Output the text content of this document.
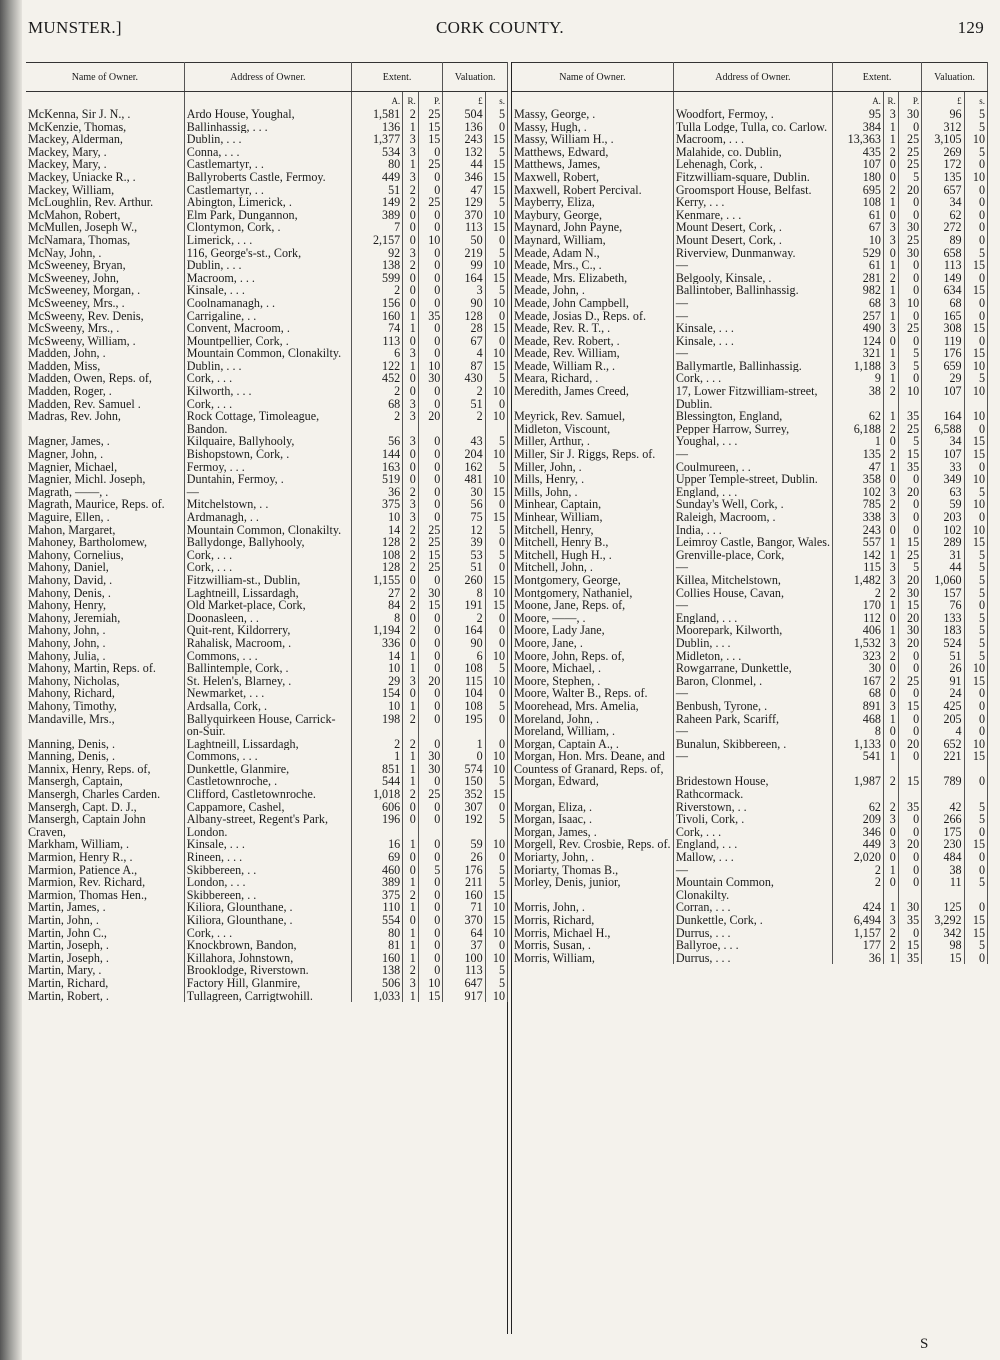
MUNSTER.]	CORK COUNTY.	129
Name of Owner.	Address of Owner.	Extent.			Valuation.	
		A.	R.	P.	£	s.
McKenna, Sir J. N., .	Ardo House, Youghal,	1,581	2	25	504	5
McKenzie, Thomas,	Ballinhassig, . . .	136	1	15	136	0
Mackey, Alderman,	Dublin, . . .	1,377	3	15	243	15
Mackey, Mary, .	Conna, . . .	534	3	0	132	5
Mackey, Mary, .	Castlemartyr, . .	80	1	25	44	15
Mackey, Uniacke R., .	Ballyroberts Castle, Fermoy.	449	3	0	346	15
Mackey, William,	Castlemartyr, . .	51	2	0	47	15
McLoughlin, Rev. Arthur.	Abington, Limerick, .	149	2	25	129	5
McMahon, Robert,	Elm Park, Dungannon,	389	0	0	370	10
McMullen, Joseph W.,	Clontymon, Cork, .	7	0	0	113	15
McNamara, Thomas,	Limerick, . . .	2,157	0	10	50	0
McNay, John, .	116, George's-st., Cork,	92	3	0	219	5
McSweeney, Bryan,	Dublin, . . .	138	2	0	99	10
McSweeney, John,	Macroom, . . .	599	0	0	164	15
McSweeney, Morgan, .	Kinsale, . . .	2	0	0	3	5
McSweeney, Mrs., .	Coolnamanagh, . .	156	0	0	90	10
McSweeny, Rev. Denis,	Carrigaline, . .	160	1	35	128	0
McSweeny, Mrs., .	Convent, Macroom, .	74	1	0	28	15
McSweeny, William, .	Mountpellier, Cork, .	113	0	0	67	0
Madden, John, .	Mountain Common, Clonakilty.	6	3	0	4	10
Madden, Miss,	Dublin, . . .	122	1	10	87	15
Madden, Owen, Reps. of,	Cork, . . .	452	0	30	430	5
Madden, Roger, .	Kilworth, . . .	2	0	0	2	10
Madden, Rev. Samuel .	Cork, . . .	68	3	0	51	0
Madras, Rev. John,	Rock Cottage, Timoleague, Bandon.	2	3	20	2	10
Magner, James, .	Kilquaire, Ballyhooly,	56	3	0	43	5
Magner, John, .	Bishopstown, Cork, .	144	0	0	204	10
Magnier, Michael,	Fermoy, . . .	163	0	0	162	5
Magnier, Michl. Joseph,	Duntahin, Fermoy, .	519	0	0	481	10
Magrath, ——, .	—	36	2	0	30	15
Magrath, Maurice, Reps. of.	Mitchelstown, . .	375	3	0	56	0
Maguire, Ellen, .	Ardmanagh, . .	10	3	0	75	15
Mahon, Margaret,	Mountain Common, Clonakilty.	14	2	25	12	5
Mahoney, Bartholomew,	Ballydonge, Ballyhooly,	128	2	25	39	0
Mahony, Cornelius,	Cork, . . .	108	2	15	53	5
Mahony, Daniel,	Cork, . . .	128	2	25	51	0
Mahony, David, .	Fitzwilliam-st., Dublin,	1,155	0	0	260	15
Mahony, Denis, .	Laghtneill, Lissardagh,	27	2	30	8	10
Mahony, Henry,	Old Market-place, Cork,	84	2	15	191	15
Mahony, Jeremiah,	Doonasleen, . .	8	0	0	2	0
Mahony, John, .	Quit-rent, Kildorrery,	1,194	2	0	164	0
Mahony, John, .	Rahalisk, Macroom, .	336	0	0	90	0
Mahony, Julia, .	Commons, . . .	14	1	0	6	10
Mahony, Martin, Reps. of.	Ballintemple, Cork, .	10	1	0	108	5
Mahony, Nicholas,	St. Helen's, Blarney, .	29	3	20	115	10
Mahony, Richard,	Newmarket, . . .	154	0	0	104	0
Mahony, Timothy,	Ardsalla, Cork, .	10	1	0	108	5
Mandaville, Mrs.,	Ballyquirkeen House, Carrick-on-Suir.	198	2	0	195	0
Manning, Denis, .	Laghtneill, Lissardagh,	2	2	0	1	0
Manning, Denis, .	Commons, . . .	1	1	30	0	10
Mannix, Henry, Reps. of,	Dunkettle, Glanmire,	851	1	30	574	10
Mansergh, Captain,	Castletownroche, .	544	1	0	150	5
Mansergh, Charles Carden.	Clifford, Castletownroche.	1,018	2	25	352	15
Mansergh, Capt. D. J.,	Cappamore, Cashel,	606	0	0	307	0
Mansergh, Captain John Craven,	Albany-street, Regent's Park, London.	196	0	0	192	5
Markham, William, .	Kinsale, . . .	16	1	0	59	10
Marmion, Henry R., .	Rineen, . . .	69	0	0	26	0
Marmion, Patience A.,	Skibbereen, . .	460	0	5	176	5
Marmion, Rev. Richard,	London, . . .	389	1	0	211	5
Marmion, Thomas Hen.,	Skibbereen, . .	375	2	0	160	15
Martin, James, .	Kiliora, Glounthane, .	110	1	0	71	10
Martin, John, .	Kiliora, Glounthane, .	554	0	0	370	15
Martin, John C.,	Cork, . . .	80	1	0	64	10
Martin, Joseph, .	Knockbrown, Bandon,	81	1	0	37	0
Martin, Joseph, .	Killahora, Johnstown,	160	1	0	100	10
Martin, Mary, .	Brooklodge, Riverstown.	138	2	0	113	5
Martin, Richard,	Factory Hill, Glanmire,	506	3	10	647	5
Martin, Robert, .	Tullagreen, Carrigtwohill.	1,033	1	15	917	10
Name of Owner.	Address of Owner.	Extent.			Valuation.	
		A.	R.	P.	£	s.
Massy, George, .	Woodfort, Fermoy, .	95	3	30	96	5
Massy, Hugh, .	Tulla Lodge, Tulla, co. Carlow.	384	1	0	312	5
Massy, William H., .	Macroom, . . .	13,363	1	25	3,105	10
Matthews, Edward,	Malahide, co. Dublin,	435	2	25	269	5
Matthews, James,	Lehenagh, Cork, .	107	0	25	172	0
Maxwell, Robert,	Fitzwilliam-square, Dublin.	180	0	5	135	10
Maxwell, Robert Percival.	Groomsport House, Belfast.	695	2	20	657	0
Mayberry, Eliza,	Kerry, . . .	108	1	0	34	0
Maybury, George,	Kenmare, . . .	61	0	0	62	0
Maynard, John Payne,	Mount Desert, Cork, .	67	3	30	272	0
Maynard, William,	Mount Desert, Cork, .	10	3	25	89	0
Meade, Adam N.,	Riverview, Dunmanway.	529	0	30	658	5
Meade, Mrs., C., .	—	61	1	0	113	15
Meade, Mrs. Elizabeth,	Belgooly, Kinsale, .	281	2	0	149	0
Meade, John, .	Ballintober, Ballinhassig.	982	1	0	634	15
Meade, John Campbell,	—	68	3	10	68	0
Meade, Josias D., Reps. of.	—	257	1	0	165	0
Meade, Rev. R. T., .	Kinsale, . . .	490	3	25	308	15
Meade, Rev. Robert, .	Kinsale, . . .	124	0	0	119	0
Meade, Rev. William,	—	321	1	5	176	15
Meade, William R., .	Ballymartle, Ballinhassig.	1,188	3	5	659	10
Meara, Richard, .	Cork, . . .	9	1	0	29	5
Meredith, James Creed,	17, Lower Fitzwilliam-street, Dublin.	38	2	10	107	10
Meyrick, Rev. Samuel,	Blessington, England,	62	1	35	164	10
Midleton, Viscount,	Pepper Harrow, Surrey,	6,188	2	25	6,588	0
Miller, Arthur, .	Youghal, . . .	1	0	5	34	15
Miller, Sir J. Riggs, Reps. of.	—	135	2	15	107	15
Miller, John, .	Coulmureen, . .	47	1	35	33	0
Mills, Henry, .	Upper Temple-street, Dublin.	358	0	0	349	10
Mills, John, .	England, . . .	102	3	20	63	5
Minhear, Captain,	Sunday's Well, Cork, .	785	2	0	59	10
Minhear, William,	Raleigh, Macroom, .	338	3	0	203	0
Mitchell, Henry,	India, . . .	243	0	0	102	10
Mitchell, Henry B.,	Leimroy Castle, Bangor, Wales.	557	1	15	289	15
Mitchell, Hugh H., .	Grenville-place, Cork,	142	1	25	31	5
Mitchell, John, .	—	115	3	5	44	5
Montgomery, George,	Killea, Mitchelstown,	1,482	3	20	1,060	5
Montgomery, Nathaniel,	Collies House, Cavan,	2	2	30	157	5
Moone, Jane, Reps. of,	—	170	1	15	76	0
Moore, ——, .	England, . . .	112	0	20	133	5
Moore, Lady Jane,	Moorepark, Kilworth,	406	1	30	183	5
Moore, Jane, .	Dublin, . . .	1,532	3	20	524	5
Moore, John, Reps. of,	Midleton, . . .	323	2	0	51	5
Moore, Michael, .	Rowgarrane, Dunkettle,	30	0	0	26	10
Moore, Stephen, .	Baron, Clonmel, .	167	2	25	91	15
Moore, Walter B., Reps. of.	—	68	0	0	24	0
Moorehead, Mrs. Amelia,	Benbush, Tyrone, .	891	3	15	425	0
Moreland, John, .	Raheen Park, Scariff,	468	1	0	205	0
Moreland, William, .	—	8	0	0	4	0
Morgan, Captain A., .	Bunalun, Skibbereen, .	1,133	0	20	652	10
Morgan, Hon. Mrs. Deane, and Countess of Granard, Reps. of,	—	541	1	0	221	15
Morgan, Edward,	Bridestown House, Rathcormack.	1,987	2	15	789	0
Morgan, Eliza, .	Riverstown, . .	62	2	35	42	5
Morgan, Isaac, .	Tivoli, Cork, .	209	3	0	266	5
Morgan, James, .	Cork, . . .	346	0	0	175	0
Morgell, Rev. Crosbie, Reps. of.	England, . . .	449	3	20	230	15
Moriarty, John, .	Mallow, . . .	2,020	0	0	484	0
Moriarty, Thomas B.,	—	2	1	0	38	0
Morley, Denis, junior,	Mountain Common, Clonakilty.	2	0	0	11	5
Morris, John, .	Corran, . . .	424	1	30	125	0
Morris, Richard,	Dunkettle, Cork, .	6,494	3	35	3,292	15
Morris, Michael H.,	Durrus, . . .	1,157	2	0	342	15
Morris, Susan, .	Ballyroe, . . .	177	2	15	98	5
Morris, William,	Durrus, . . .	36	1	35	15	0
S
